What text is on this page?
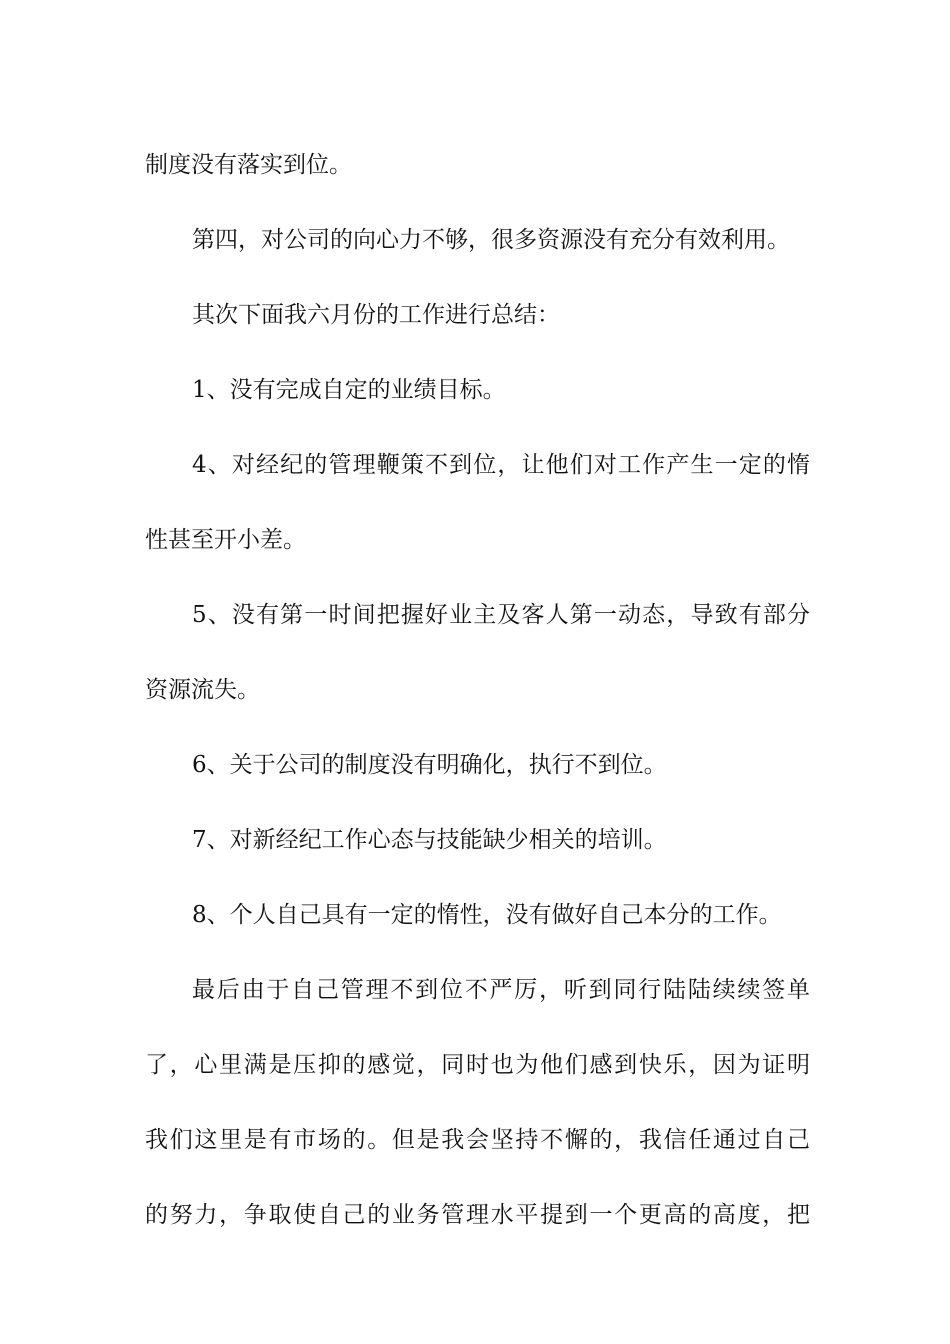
制度没有落实到位。
第四，对公司的向心力不够，很多资源没有充分有效利用。
其次下面我六月份的工作进行总结：
1、没有完成自定的业绩目标。
4、对经纪的管理鞭策不到位，让他们对工作产生一定的惰
性甚至开小差。
5、没有第一时间把握好业主及客人第一动态，导致有部分
资源流失。
6、关于公司的制度没有明确化，执行不到位。
7、对新经纪工作心态与技能缺少相关的培训。
8、个人自己具有一定的惰性，没有做好自己本分的工作。
最后由于自己管理不到位不严厉，听到同行陆陆续续签单
了，心里满是压抑的感觉，同时也为他们感到快乐，因为证明
我们这里是有市场的。但是我会坚持不懈的，我信任通过自己
的努力，争取使自己的业务管理水平提到一个更高的高度，把
